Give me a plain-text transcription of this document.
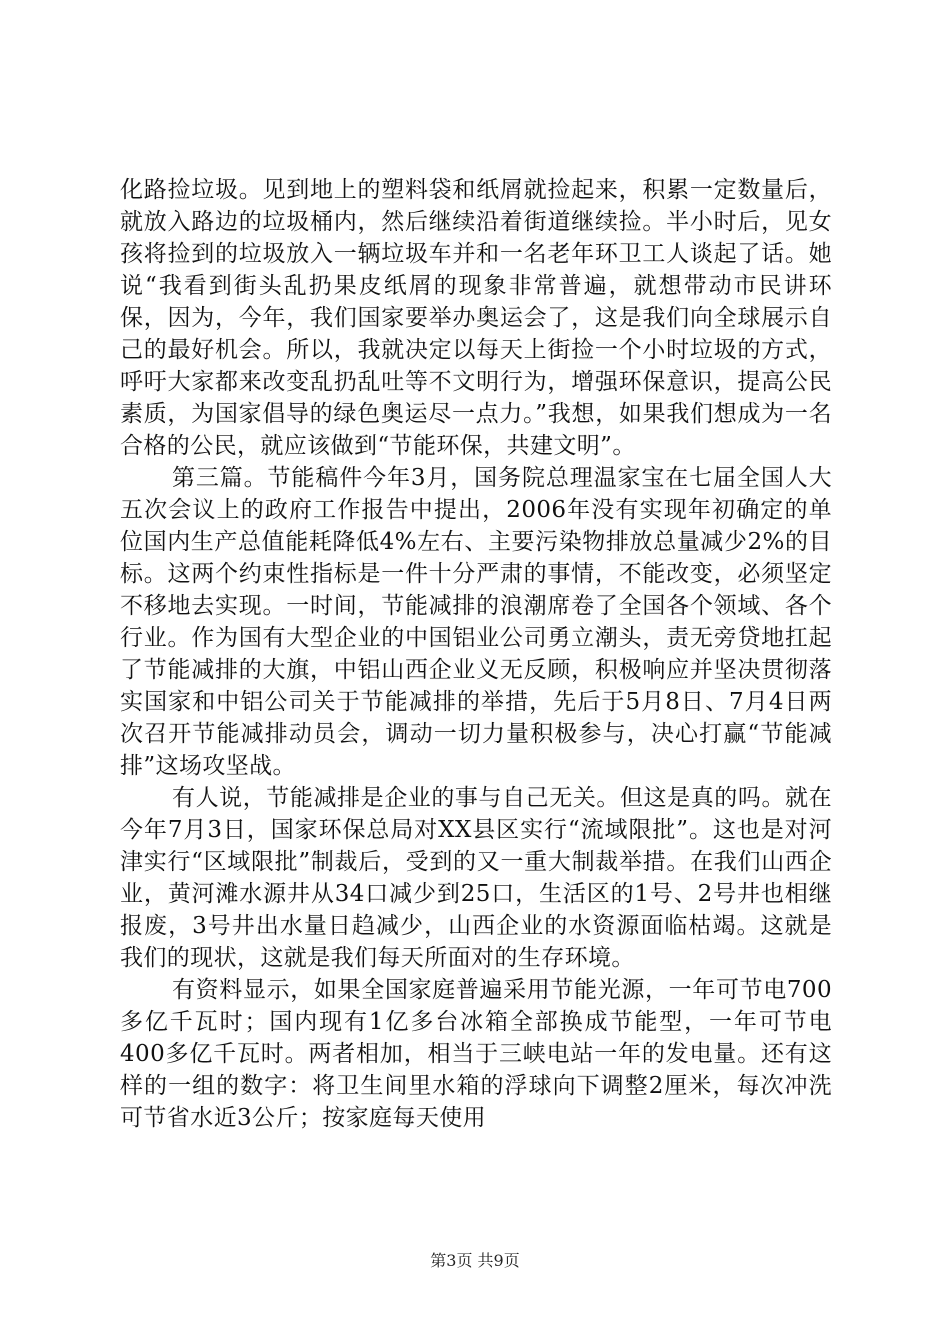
化路捡垃圾。见到地上的塑料袋和纸屑就捡起来，积累一定数量后，就放入路边的垃圾桶内，然后继续沿着街道继续捡。半小时后，见女孩将捡到的垃圾放入一辆垃圾车并和一名老年环卫工人谈起了话。她说“我看到街头乱扔果皮纸屑的现象非常普遍，就想带动市民讲环保，因为，今年，我们国家要举办奥运会了，这是我们向全球展示自己的最好机会。所以，我就决定以每天上街捡一个小时垃圾的方式，呼吁大家都来改变乱扔乱吐等不文明行为，增强环保意识，提高公民素质，为国家倡导的绿色奥运尽一点力。”我想，如果我们想成为一名合格的公民，就应该做到“节能环保，共建文明”。

第三篇。节能稿件今年3月，国务院总理温家宝在七届全国人大五次会议上的政府工作报告中提出，2006年没有实现年初确定的单位国内生产总值能耗降低4%左右、主要污染物排放总量减少2%的目标。这两个约束性指标是一件十分严肃的事情，不能改变，必须坚定不移地去实现。一时间，节能减排的浪潮席卷了全国各个领域、各个行业。作为国有大型企业的中国铝业公司勇立潮头，责无旁贷地扛起了节能减排的大旗，中铝山西企业义无反顾，积极响应并坚决贯彻落实国家和中铝公司关于节能减排的举措，先后于5月8日、7月4日两次召开节能减排动员会，调动一切力量积极参与，决心打赢“节能减排”这场攻坚战。

有人说，节能减排是企业的事与自己无关。但这是真的吗。就在今年7月3日，国家环保总局对XX县区实行“流域限批”。这也是对河津实行“区域限批”制裁后，受到的又一重大制裁举措。在我们山西企业，黄河滩水源井从34口减少到25口，生活区的1号、2号井也相继报废，3号井出水量日趋减少，山西企业的水资源面临枯竭。这就是我们的现状，这就是我们每天所面对的生存环境。

有资料显示，如果全国家庭普遍采用节能光源，一年可节电700多亿千瓦时；国内现有1亿多台冰箱全部换成节能型，一年可节电400多亿千瓦时。两者相加，相当于三峡电站一年的发电量。还有这样的一组的数字：将卫生间里水箱的浮球向下调整2厘米，每次冲洗可节省水近3公斤；按家庭每天使用

第3页 共9页
